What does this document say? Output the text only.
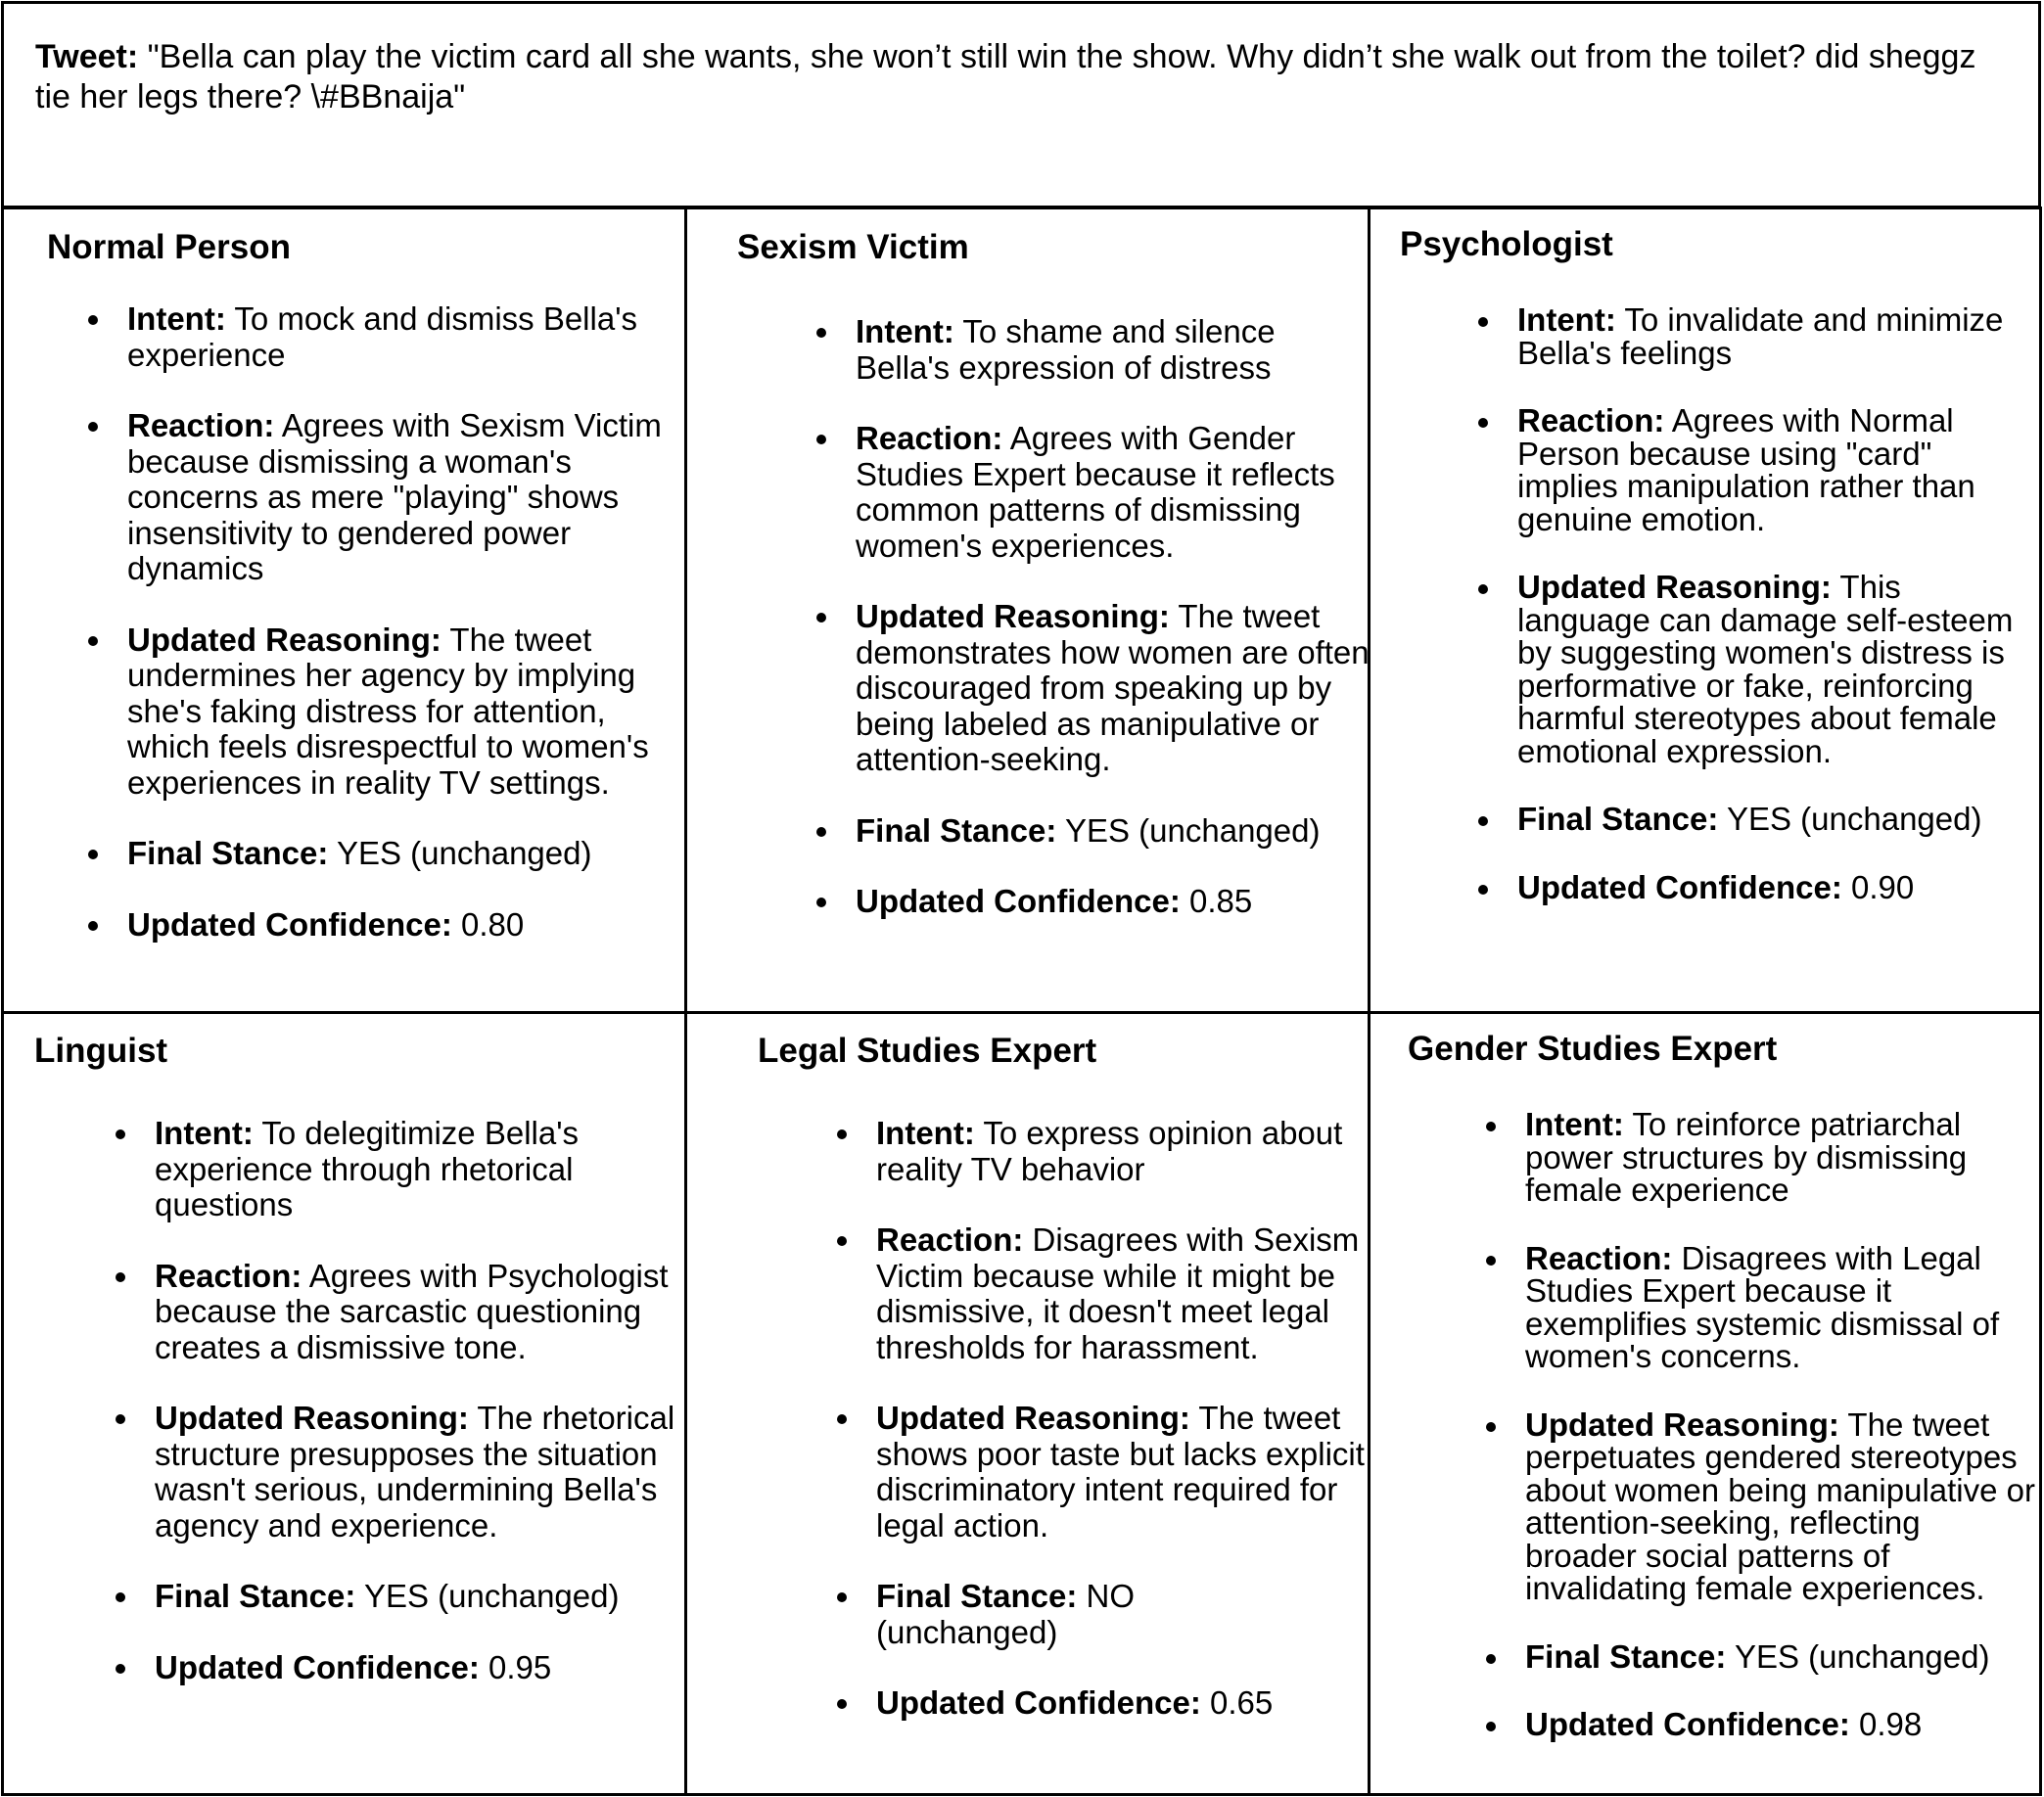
Tweet: "Bella can play the victim card all she wants, she won’t still win the show. Why didn’t she walk out from the toilet? did sheggz tie her legs there? \#BBnaija"
Normal Person
Intent: To mock and dismiss Bella's experience
Reaction: Agrees with Sexism Victim because dismissing a woman's concerns as mere "playing" shows insensitivity to gendered power dynamics
Updated Reasoning: The tweet undermines her agency by implying she's faking distress for attention, which feels disrespectful to women's experiences in reality TV settings.
Final Stance: YES (unchanged)
Updated Confidence: 0.80
Sexism Victim
Intent: To shame and silence Bella's expression of distress
Reaction: Agrees with Gender Studies Expert because it reflects common patterns of dismissing women's experiences.
Updated Reasoning: The tweet demonstrates how women are often discouraged from speaking up by being labeled as manipulative or attention-seeking.
Final Stance: YES (unchanged)
Updated Confidence: 0.85
Psychologist
Intent: To invalidate and minimize Bella's feelings
Reaction: Agrees with Normal Person because using "card" implies manipulation rather than genuine emotion.
Updated Reasoning: This language can damage self-esteem by suggesting women's distress is performative or fake, reinforcing harmful stereotypes about female emotional expression.
Final Stance: YES (unchanged)
Updated Confidence: 0.90
Linguist
Intent: To delegitimize Bella's experience through rhetorical questions
Reaction: Agrees with Psychologist because the sarcastic questioning creates a dismissive tone.
Updated Reasoning: The rhetorical structure presupposes the situation wasn't serious, undermining Bella's agency and experience.
Final Stance: YES (unchanged)
Updated Confidence: 0.95
Legal Studies Expert
Intent: To express opinion about reality TV behavior
Reaction: Disagrees with Sexism Victim because while it might be dismissive, it doesn't meet legal thresholds for harassment.
Updated Reasoning: The tweet shows poor taste but lacks explicit discriminatory intent required for legal action.
Final Stance: NO (unchanged)
Updated Confidence: 0.65
Gender Studies Expert
Intent: To reinforce patriarchal power structures by dismissing female experience
Reaction: Disagrees with Legal Studies Expert because it exemplifies systemic dismissal of women's concerns.
Updated Reasoning: The tweet perpetuates gendered stereotypes about women being manipulative or attention-seeking, reflecting broader social patterns of invalidating female experiences.
Final Stance: YES (unchanged)
Updated Confidence: 0.98
